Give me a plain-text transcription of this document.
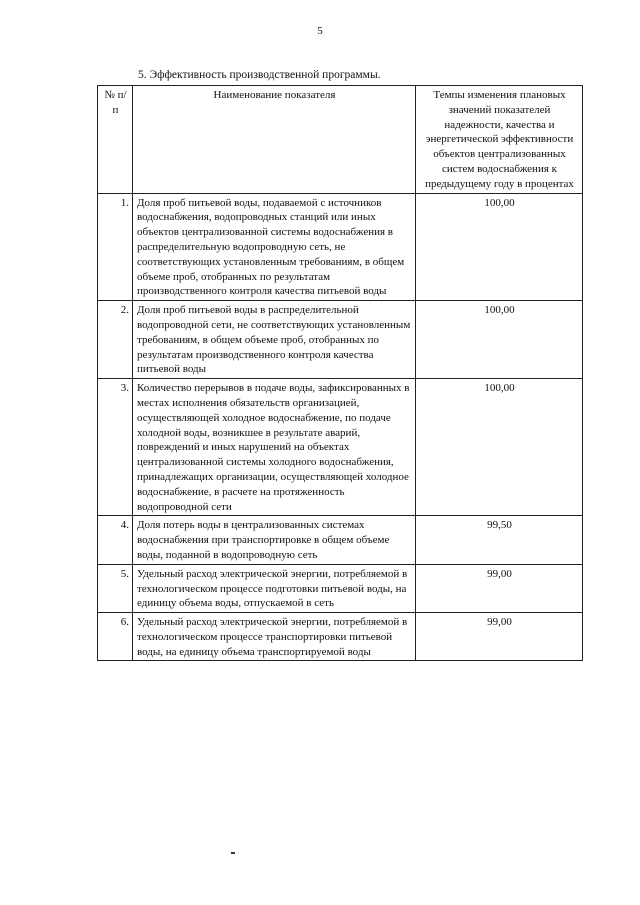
5
5. Эффективность производственной программы.
№ п/п	Наименование показателя	Темпы изменения плановых значений показателей надежности, качества и энергетической эффективности объектов централизованных систем водоснабжения к предыдущему году в процентах
1.	Доля проб питьевой воды, подаваемой с источников водоснабжения, водопроводных станций или иных объектов централизованной системы водоснабжения в распределительную водопроводную сеть, не соответствующих установленным требованиям, в общем объеме проб, отобранных по результатам производственного контроля качества питьевой воды	100,00
2.	Доля проб питьевой воды в распределительной водопроводной сети, не соответствующих установленным требованиям, в общем объеме проб, отобранных по результатам производственного контроля качества питьевой воды	100,00
3.	Количество перерывов в подаче воды, зафиксированных в местах исполнения обязательств организацией, осуществляющей холодное водоснабжение, по подаче холодной воды, возникшее в результате аварий, повреждений и иных нарушений на объектах централизованной системы холодного водоснабжения, принадлежащих организации, осуществляющей холодное водоснабжение, в расчете на протяженность водопроводной сети	100,00
4.	Доля потерь воды в централизованных системах водоснабжения при транспортировке в общем объеме воды, поданной в водопроводную сеть	99,50
5.	Удельный расход электрической энергии, потребляемой в технологическом процессе подготовки питьевой воды, на единицу объема воды, отпускаемой в сеть	99,00
6.	Удельный расход электрической энергии, потребляемой в технологическом процессе транспортировки питьевой воды, на единицу объема транспортируемой воды	99,00
